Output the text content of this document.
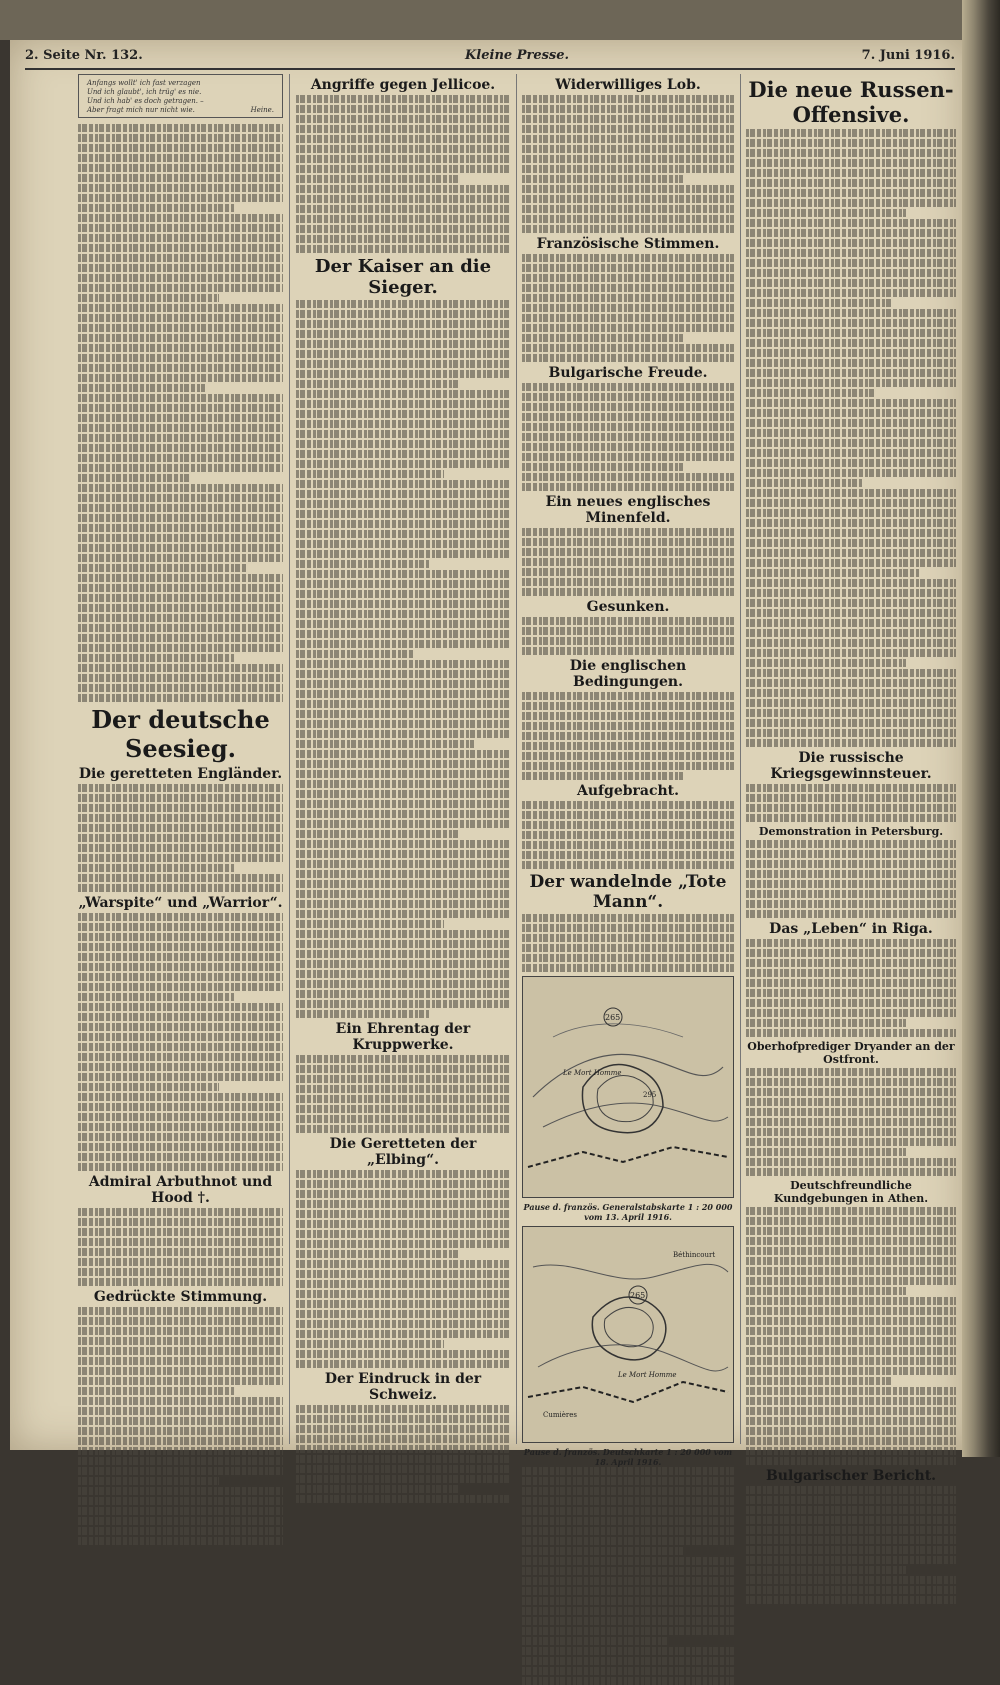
2. Seite Nr. 132.	Kleine Presse.	7. Juni 1916.
Anfangs wollt' ich fast verzagen
Und ich glaubt', ich trüg' es nie.
Und ich hab' es doch getragen. –
Aber fragt mich nur nicht wie.	Heine.
Der deutsche Seesieg.
Die geretteten Engländer.
„Warspite“ und „Warrior“.
Admiral Arbuthnot und Hood †.
Gedrückte Stimmung.
Angriffe gegen Jellicoe.
Der Kaiser an die Sieger.
Ein Ehrentag der Kruppwerke.
Die Geretteten der „Elbing“.
Der Eindruck in der Schweiz.
Widerwilliges Lob.
Französische Stimmen.
Bulgarische Freude.
Ein neues englisches Minenfeld.
Gesunken.
Die englischen Bedingungen.
Aufgebracht.
Der wandelnde „Tote Mann“.
265
Le Mort Homme
295
Pause d. französ. Generalstabskarte 1 : 20 000 vom 13. April 1916.
265
Le Mort Homme
Cumières
Béthincourt
Pause d. französ. Deutschkarte 1 : 20 000 vom 18. April 1916.
Die neue Russen-Offensive.
Die russische Kriegsgewinnsteuer.
Demonstration in Petersburg.
Das „Leben“ in Riga.
Oberhofprediger Dryander an der Ostfront.
Deutschfreundliche Kundgebungen in Athen.
Bulgarischer Bericht.
